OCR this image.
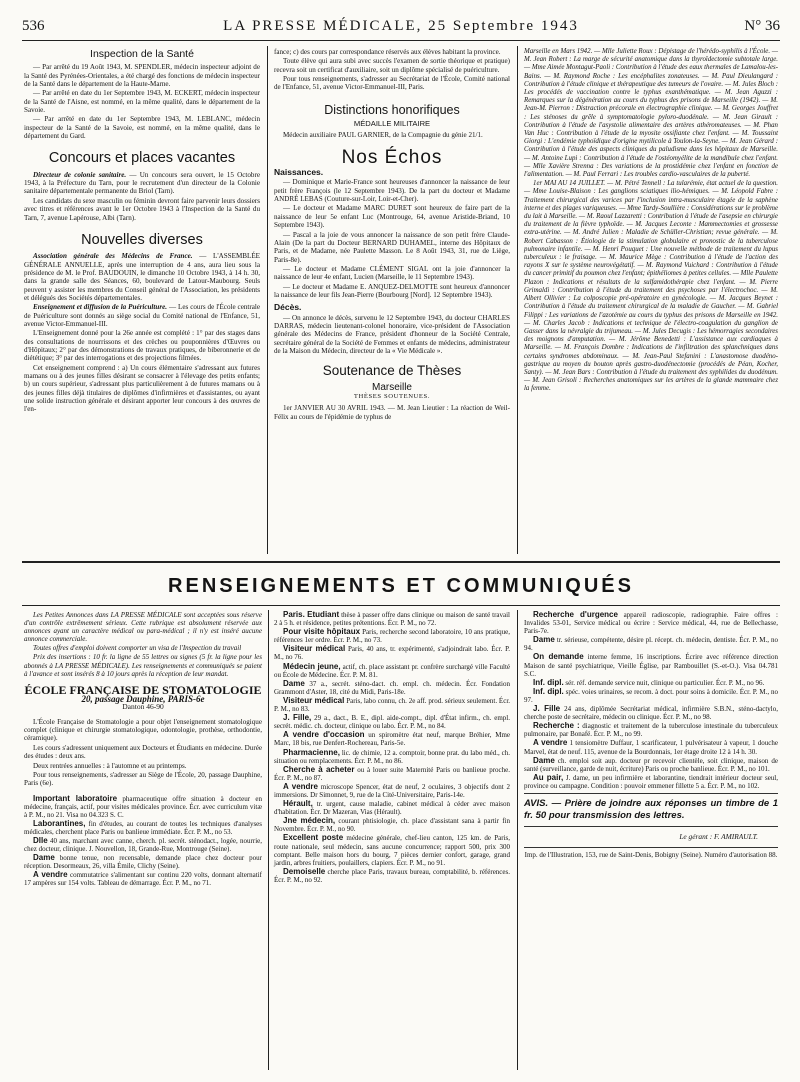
536	LA PRESSE MÉDICALE, 25 Septembre 1943	N° 36
Inspection de la Santé

— Par arrêté du 19 Août 1943, M. SPENDLER, médecin inspecteur adjoint de la Santé des Pyrénées-Orientales, a été chargé des fonctions de médecin inspecteur de la Santé dans le département de la Haute-Marne.

— Par arrêté en date du 1er Septembre 1943, M. ECKERT, médecin inspecteur de la Santé de l'Aisne, est nommé, en la même qualité, dans le département de la Savoie.

— Par arrêté en date du 1er Septembre 1943, M. LEBLANC, médecin inspecteur de la Santé de la Savoie, est nommé, en la même qualité, dans le département du Gard.

Concours et places vacantes

Directeur de colonie sanitaire. — Un concours sera ouvert, le 15 Octobre 1943, à la Préfecture du Tarn, pour le recrutement d'un directeur de la Colonie sanitaire départementale permanente du Briol (Tarn).

Les candidats du sexe masculin ou féminin devront faire parvenir leurs dossiers avec titres et références avant le 1er Octobre 1943 à l'Inspection de la Santé du Tarn, 7, avenue Lapérouse, Albi (Tarn).

Nouvelles diverses

Association générale des Médecins de France. — L'ASSEMBLÉE GÉNÉRALE ANNUELLE, après une interruption de 4 ans, aura lieu sous la présidence de M. le Prof. BAUDOUIN, le dimanche 10 Octobre 1943, à 14 h. 30, dans la grande salle des Séances, 60, boulevard de Latour-Maubourg. Seuls peuvent y assister les membres du Conseil général de l'Association, les présidents et délégués des Sociétés départementales.

Enseignement et diffusion de la Puériculture. — Les cours de l'École centrale de Puériculture sont donnés au siège social du Comité national de l'Enfance, 51, avenue Victor-Emmanuel-III.

L'Enseignement donné pour la 26e année est complété : 1° par des stages dans des consultations de nourrissons et des crèches ou pouponnières d'Œuvres ou d'Hôpitaux; 2° par des démonstrations de travaux pratiques, de biberonnerie et de diététique; 3° par des interrogations et des projections filmées.

Cet enseignement comprend : a) Un cours élémentaire s'adressant aux futures mamans ou à des jeunes filles désirant se consacrer à l'élevage des petits enfants; b) un cours supérieur, s'adressant plus particulièrement à de futures mamans ou à des jeunes filles déjà titulaires de diplômes d'infirmières et d'assistantes, ou ayant une solide instruction générale et désirant apporter leur concours à des œuvres de l'en-

fance; c) des cours par correspondance réservés aux élèves habitant la province.

Toute élève qui aura subi avec succès l'examen de sortie théorique et pratique) recevra soit un certificat d'auxiliaire, soit un diplôme spécialisé de puériculture.

Pour tous renseignements, s'adresser au Secrétariat de l'École, Comité national de l'Enfance, 51, avenue Victor-Emmanuel-III, Paris.

Distinctions honorifiques
MÉDAILLE MILITAIRE

Médecin auxiliaire PAUL GARNIER, de la Compagnie du génie 21/1.

Nos Échos
Naissances.

— Dominique et Marie-France sont heureuses d'annoncer la naissance de leur petit frère François (le 12 Septembre 1943). De la part du docteur et Madame ANDRÉ LEBAS (Couture-sur-Loir, Loir-et-Cher).

— Le docteur et Madame MARC DURET sont heureux de faire part de la naissance de leur 5e enfant Luc (Montrouge, 64, avenue Aristide-Briand, 10 Septembre 1943).

— Pascal a la joie de vous annoncer la naissance de son petit frère Claude-Alain (De la part du Docteur BERNARD DUHAMEL, interne des Hôpitaux de Paris, et de Madame, née Paulette Masson. Le 8 Août 1943, 31, rue de Liège, Paris-8e).

— Le docteur et Madame CLÉMENT SIGAL ont la joie d'annoncer la naissance de leur 4e enfant, Lucien (Marseille, le 11 Septembre 1943).

— Le docteur et Madame E. ANQUEZ-DELMOTTE sont heureux d'annoncer la naissance de leur fils Jean-Pierre (Bourbourg [Nord]. 12 Septembre 1943).

Décès.

— On annonce le décès, survenu le 12 Septembre 1943, du docteur CHARLES DARRAS, médecin lieutenant-colonel honoraire, vice-président de l'Association générale des Médecins de France, président d'honneur de la Société Centrale, secrétaire général de la Société de Femmes et enfants de médecins, administrateur de la Maison du Médecin, directeur de la « Vie Médicale ».

Soutenance de Thèses
Marseille
THÈSES SOUTENUES.

1er JANVIER AU 30 AVRIL 1943. — M. Jean Lieutier : La réaction de Weil-Félix au cours de l'épidémie de typhus de

Marseille en Mars 1942. — Mlle Juliette Roux : Dépistage de l'hérédo-syphilis à l'École. — M. Jean Robert : La marge de sécurité anatomique dans la thyroïdectomie subtotale large. — Mme Aimée Montagut-Paoli : Contribution à l'étude des eaux thermales de Lamalou-les-Bains. — M. Raymond Roche : Les encéphalites zonateuses. — M. Paul Dieulangard : Contribution à l'étude clinique et thérapeutique des tumeurs de l'ovaire. — M. Jules Bloch : Les procédés de vaccination contre le typhus exanthématique. — M. Jean Aguzzi : Remarques sur la dégénération au cours du typhus des prisons de Marseille (1942). — M. Jean-M. Pierron : Distraction précorale en électrographie clinique. — M. Georges Jouffret : Les sténoses du grêle à symptomatologie pyloro-duodénale. — M. Jean Girault : Contribution à l'étude de l'asystolie alimentaire des artères athéromateuses. — M. Phan Van Huc : Contribution à l'étude de la myosite ossifiante chez l'enfant. — M. Toussaint Giorgi : L'endémie typhoïdique d'origine mytilicole à Toulon-la-Seyne. — M. Jean Gérard : Contribution à l'étude des aspects cliniques du paludisme dans les hôpitaux de Marseille. — M. Antoine Lupi : Contribution à l'étude de l'ostéomyélite de la mandibule chez l'enfant. — Mlle Xavière Strenna : Des variations de la prostidémie chez l'enfant en fonction de l'alimentation. — M. Paul Ferrari : Les troubles cardio-vasculaires de la puberté.

1er MAI AU 14 JUILLET. — M. Pétré Tennell : La tularémie, état actuel de la question. — Mme Louise-Blaison : Les ganglions sciatiques ilio-hémiques. — M. Léopold Fabre : Traitement chirurgical des varices par l'inclusion intra-musculaire étagée de la saphène interne et des plages variqueuses. — Mme Tardy-Soullière : Considérations sur le problème du lait à Marseille. — M. Raoul Lazzaretti : Contribution à l'étude de l'asepsie en chirurgie du traitement de la fièvre typhoïde. — M. Jacques Leconte : Mammectomies et grossesse extra-utérine. — M. André Julien : Maladie de Schüller-Christian; revue générale. — M. Robert Cabasson : Étiologie de la stimulation globulaire et pronostic de la tuberculose pulmonaire infantile. — M. Henri Pouquet : Une nouvelle méthode de traitement du lupus tuberculeux : le fraisage. — M. Maurice Mège : Contribution à l'étude de l'action des rayons X sur le système neurovégétatif. — M. Raymond Vuichard : Contribution à l'étude du cancer primitif du poumon chez l'enfant; épithéliomes à petites cellules. — Mlle Paulette Plazon : Indications et résultats de la sulfamidothérapie chez l'enfant. — M. Pierre Grimaldi : Contribution à l'étude du traitement des psychoses par l'électrochoc. — M. Albert Ollivier : La colposcopie pré-opératoire en gynécologie. — M. Jacques Beynet : Contribution à l'étude du traitement chirurgical de la maladie de Gaucher. — M. Gabriel Filippi : Les variations de l'azotémie au cours du typhus des prisons de Marseille en 1942. — M. Charles Jacob : Indications et technique de l'électro-coagulation du ganglion de Gasser dans la névralgie du trijumeau. — M. Jules Decugis : Les hémorragies secondaires des moignons d'amputation. — M. Jérôme Benedetti : L'assistance aux cardiaques à Marseille. — M. François Dombre : Indications de l'infiltration des splanchniques dans certains syndromes abdominaux. — M. Jean-Paul Stefanini : L'anastomose duodéno-gastrique au moyen du bouton après gastro-duodénectomie (procédés de Péan, Kocher, Santy). — M. Jean Bars : Contribution à l'étude du traitement des syphilides du duodénum. — M. Jean Grisoli : Recherches anatomiques sur les artères de la glande mammaire chez la femme.

RENSEIGNEMENTS ET COMMUNIQUÉS

Les Petites Annonces dans LA PRESSE MÉDICALE sont acceptées sous réserve d'un contrôle extrêmement sérieux. Cette rubrique est absolument réservée aux annonces ayant un caractère médical ou para-médical ; il n'y est inséré aucune annonce commerciale.

Toutes offres d'emploi doivent comporter un visa de l'Inspection du travail

Prix des insertions : 10 fr. la ligne de 55 lettres ou signes (5 fr. la ligne pour les abonnés à LA PRESSE MÉDICALE). Les renseignements et communiqués se paient à l'avance et sont insérés 8 à 10 jours après la réception de leur mandat.

ÉCOLE FRANÇAISE DE STOMATOLOGIE
20, passage Dauphine, PARIS-6e
Danton 46-90

L'École Française de Stomatologie a pour objet l'enseignement stomatologique complet (clinique et chirurgie stomatologique, odontologie, prothèse, orthodontie, céramique).

Les cours s'adressent uniquement aux Docteurs et Étudiants en médecine. Durée des études : deux ans.

Deux rentrées annuelles : à l'automne et au printemps.

Pour tous renseignements, s'adresser au Siège de l'École, 20, passage Dauphine, Paris (6e).

Important laboratoire pharmaceutique offre situation à docteur en médecine, français, actif, pour visites médicales province. Écr. avec curriculum vitæ à P. M., no 21. Visa no 04.323 S. C.

Laborantines, fin d'études, au courant de toutes les techniques d'analyses médicales, cherchent place Paris ou banlieue immédiate. Écr. P. M., no 53.

Dlle 40 ans, marchant avec canne, cherch. pl. secrét. sténodact., logée, nourrie, chez docteur, clinique. J. Nouvellon, 18, Grande-Rue, Montrouge (Seine).

Dame bonne tenue, non recensable, demande place chez docteur pour réception. Desormeaux, 26, villa Émile, Clichy (Seine).

A vendre commutatrice s'alimentant sur continu 220 volts, donnant alternatif 17 ampères sur 154 volts. Tableau de démarrage. Écr. P. M., no 71.

Paris. Etudiant thèse à passer offre dans clinique ou maison de santé travail 2 à 5 h. et résidence, petites prétentions. Écr. P. M., no 72.

Pour visite hôpitaux Paris, recherche second laboratoire, 10 ans pratique, références 1er ordre. Écr. P. M., no 73.

Visiteur médical Paris, 40 ans, tr. expérimenté, s'adjoindrait labo. Écr. P. M., no 76.

Médecin jeune, actif, ch. place assistant pr. confrère surchargé ville Faculté ou École de Médecine. Écr. P. M. 81.

Dame 37 a., secrét. sténo-dact. ch. empl. ch. médecin. Écr. Fondation Grammont d'Aster, 18, cité du Midi, Paris-18e.

Visiteur médical Paris, labo connu, ch. 2e aff. prod. sérieux seulement. Écr. P. M., no 83.

J. Fille, 29 a., dact., B. E., dipl. aide-compt., dipl. d'État infirm., ch. empl. secrét. médic. ch. docteur, clinique ou labo. Écr. P. M., no 84.

A vendre d'occasion un spiromètre état neuf, marque Bréhier, Mme Marc, 18 bis, rue Denfert-Rochereau, Paris-5e.

Pharmacienne, lic. de chimie, 12 a. comptoir, bonne prat. du labo méd., ch. situation ou remplacements. Écr. P. M., no 86.

Cherche à acheter ou à louer suite Maternité Paris ou banlieue proche. Écr. P. M., no 87.

A vendre microscope Spencer, état de neuf, 2 oculaires, 3 objectifs dont 2 immersions. Dr Simonnet, 9, rue de la Cité-Universitaire, Paris-14e.

Hérault, tr. urgent, cause maladie, cabinet médical à céder avec maison d'habitation. Écr. Dr Mazeran, Vias (Hérault).

Jne médecin, courant phtisiologie, ch. place d'assistant sana à partir fin Novembre. Écr. P. M., no 90.

Excellent poste médecine générale, chef-lieu canton, 125 km. de Paris, route nationale, seul médecin, sans aucune concurrence; rapport 500, prix 300 comptant. Belle maison hors du bourg, 7 pièces dernier confort, garage, grand jardin, arbres fruitiers, poulaillers, clapiers. Écr. P. M., no 91.

Demoiselle cherche place Paris, travaux bureau, comptabilité, b. références. Écr. P. M., no 92.

Recherche d'urgence appareil radioscopie, radiographie. Faire offres : Invalides 53-01, Service médical ou écrire : Service médical, 44, rue de Bellechasse, Paris-7e.

Dame tr. sérieuse, compétente, désire pl. récept. ch. médecin, dentiste. Écr. P. M., no 94.

On demande interne femme, 16 inscriptions. Écrire avec référence direction Maison de santé psychiatrique, Vieille Église, par Rambouillet (S.-et-O.). Visa 04.781 S.C.

Inf. dipl. sér. réf. demande service nuit, clinique ou particulier. Écr. P. M., no 96.

Inf. dipl. spéc. voies urinaires, se recom. à doct. pour soins à domicile. Écr. P. M., no 97.

J. Fille 24 ans, diplômée Secrétariat médical, infirmière S.B.N., sténo-dactylo, cherche poste de secrétaire, médecin ou clinique. Écr. P. M., no 98.

Recherche : diagnostic et traitement de la tuberculose intestinale du tuberculeux pulmonaire, par Bonafé. Écr. P. M., no 99.

A vendre 1 tensiomètre Duffaur, 1 scarificateur, 1 pulvérisateur à vapeur, 1 douche Marvel, état de neuf. 115, avenue de la Bourdonnais, 1er étage droite 12 à 14 h. 30.

Dame ch. emploi soit aup. docteur pr recevoir clientèle, soit clinique, maison de santé (surveillance, garde de nuit, écriture) Paris ou proche banlieue. Écr. P. M., no 101.

Au pair, J. dame, un peu infirmière et laborantine, tiendrait intérieur docteur seul, province ou campagne. Condition : pouvoir emmener fillette 5 a. Écr. P. M., no 102.

AVIS. — Prière de joindre aux réponses un timbre de 1 fr. 50 pour transmission des lettres.
Le gérant : F. AMIRAULT.
Imp. de l'Illustration, 153, rue de Saint-Denis, Bobigny (Seine). Numéro d'autorisation 88.
